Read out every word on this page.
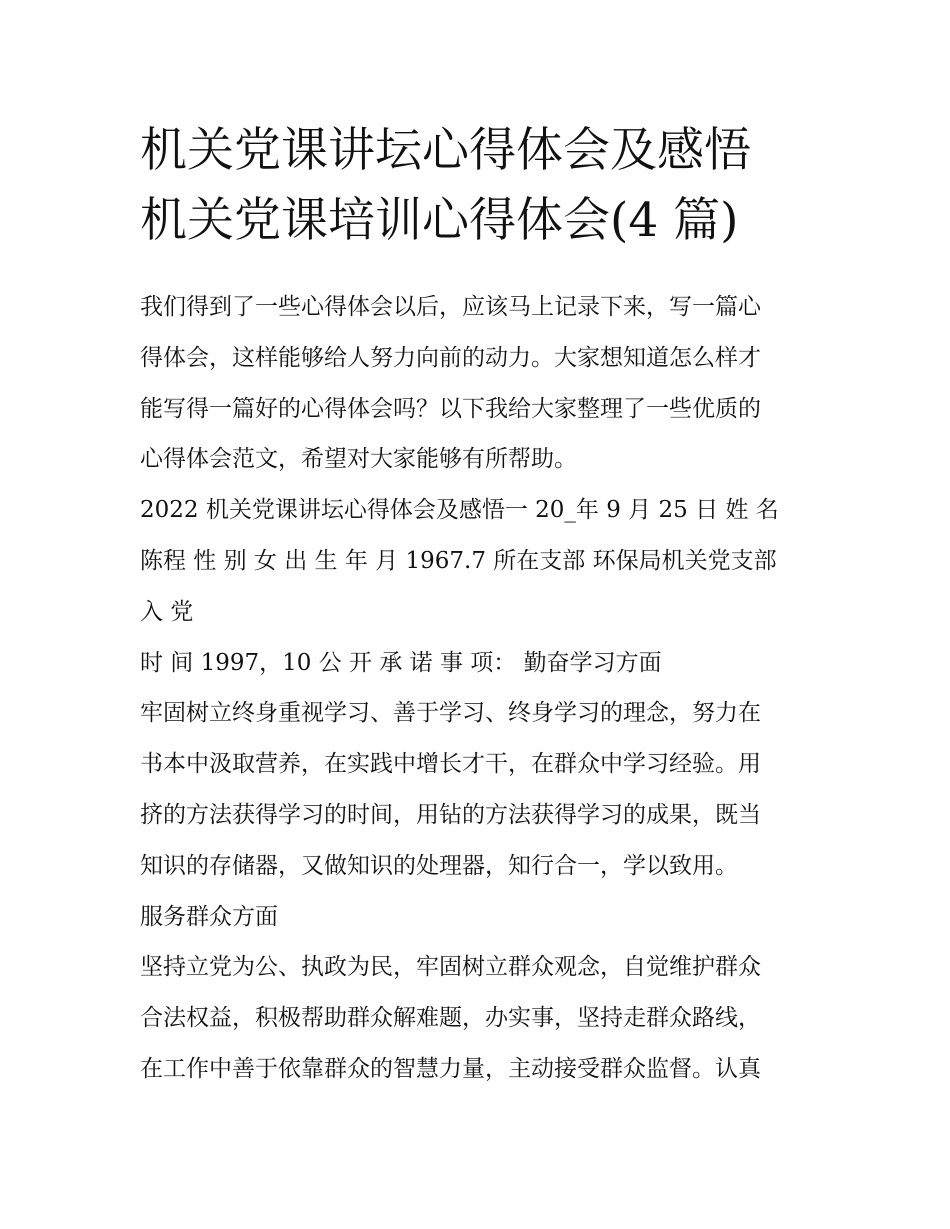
机关党课讲坛心得体会及感悟
机关党课培训心得体会(4 篇)

我们得到了一些心得体会以后，应该马上记录下来，写一篇心

得体会，这样能够给人努力向前的动力。大家想知道怎么样才

能写得一篇好的心得体会吗？以下我给大家整理了一些优质的

心得体会范文，希望对大家能够有所帮助。

2022 机关党课讲坛心得体会及感悟一 20_年 9 月 25 日 姓 名

陈程 性 别 女 出 生 年 月 1967.7 所在支部 环保局机关党支部

入 党

时 间 1997，10 公 开 承 诺 事 项： 勤奋学习方面

牢固树立终身重视学习、善于学习、终身学习的理念，努力在

书本中汲取营养，在实践中增长才干，在群众中学习经验。用

挤的方法获得学习的时间，用钻的方法获得学习的成果，既当

知识的存储器，又做知识的处理器，知行合一，学以致用。

服务群众方面

坚持立党为公、执政为民，牢固树立群众观念，自觉维护群众

合法权益，积极帮助群众解难题，办实事，坚持走群众路线，

在工作中善于依靠群众的智慧力量，主动接受群众监督。认真
